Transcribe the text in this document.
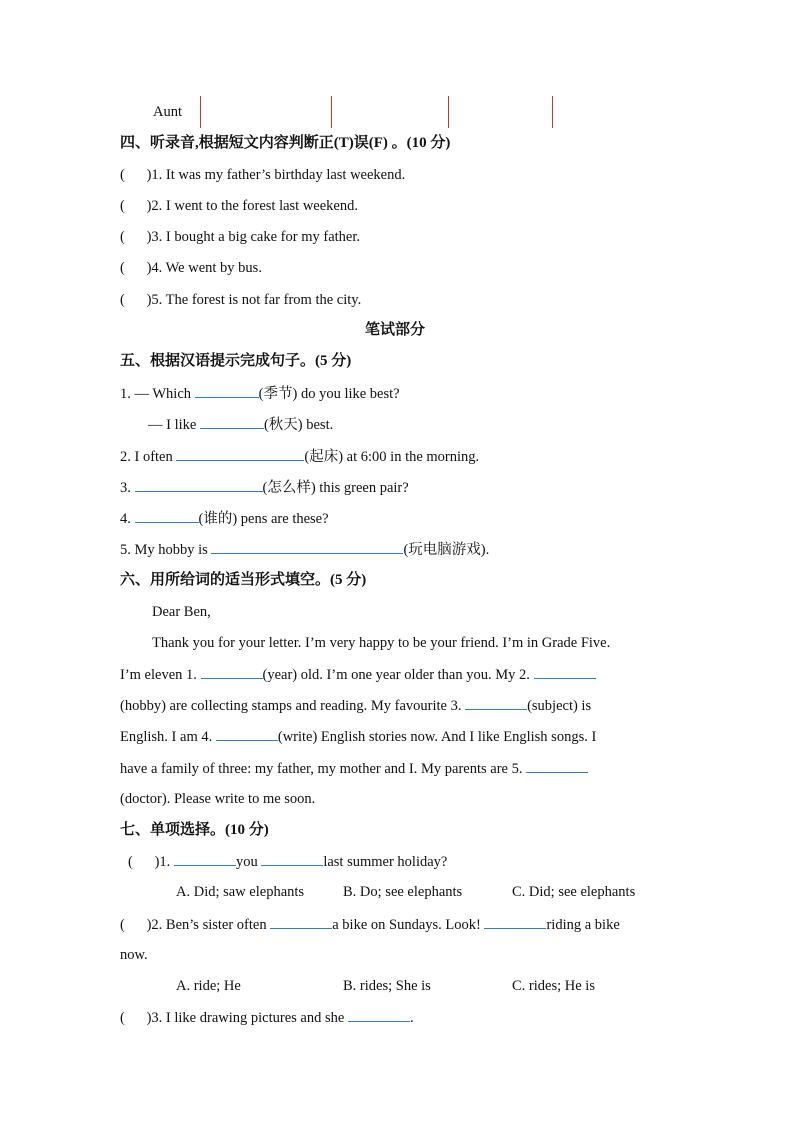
Aunt
四、听录音,根据短文内容判断正(T)误(F) 。(10 分)
(      )1. It was my father’s birthday last weekend.
(      )2. I went to the forest last weekend.
(      )3. I bought a big cake for my father.
(      )4. We went by bus.
(      )5. The forest is not far from the city.
笔试部分
五、根据汉语提示完成句子。(5 分)
1. — Which	(季节) do you like best?
— I like	(秋天) best.
2. I often	(起床) at 6:00 in the morning.
3.	(怎么样) this green pair?
4.	(谁的) pens are these?
5. My hobby is	(玩电脑游戏).
六、用所给词的适当形式填空。(5 分)
Dear Ben,
Thank you for your letter. I’m very happy to be your friend. I’m in Grade Five.
I’m eleven 1.	(year) old. I’m one year older than you. My 2.
(hobby) are collecting stamps and reading. My favourite 3.	(subject) is
English. I am 4.	(write) English stories now. And I like English songs. I
have a family of three: my father, my mother and I. My parents are 5.
(doctor). Please write to me soon.
七、单项选择。(10 分)
(      )1.	you	last summer holiday?
A. Did; saw elephants	B. Do; see elephants	C. Did; see elephants
(      )2. Ben’s sister often	a bike on Sundays. Look!	riding a bike
now.
A. ride; He	B. rides; She is	C. rides; He is
(      )3. I like drawing pictures and she	.
